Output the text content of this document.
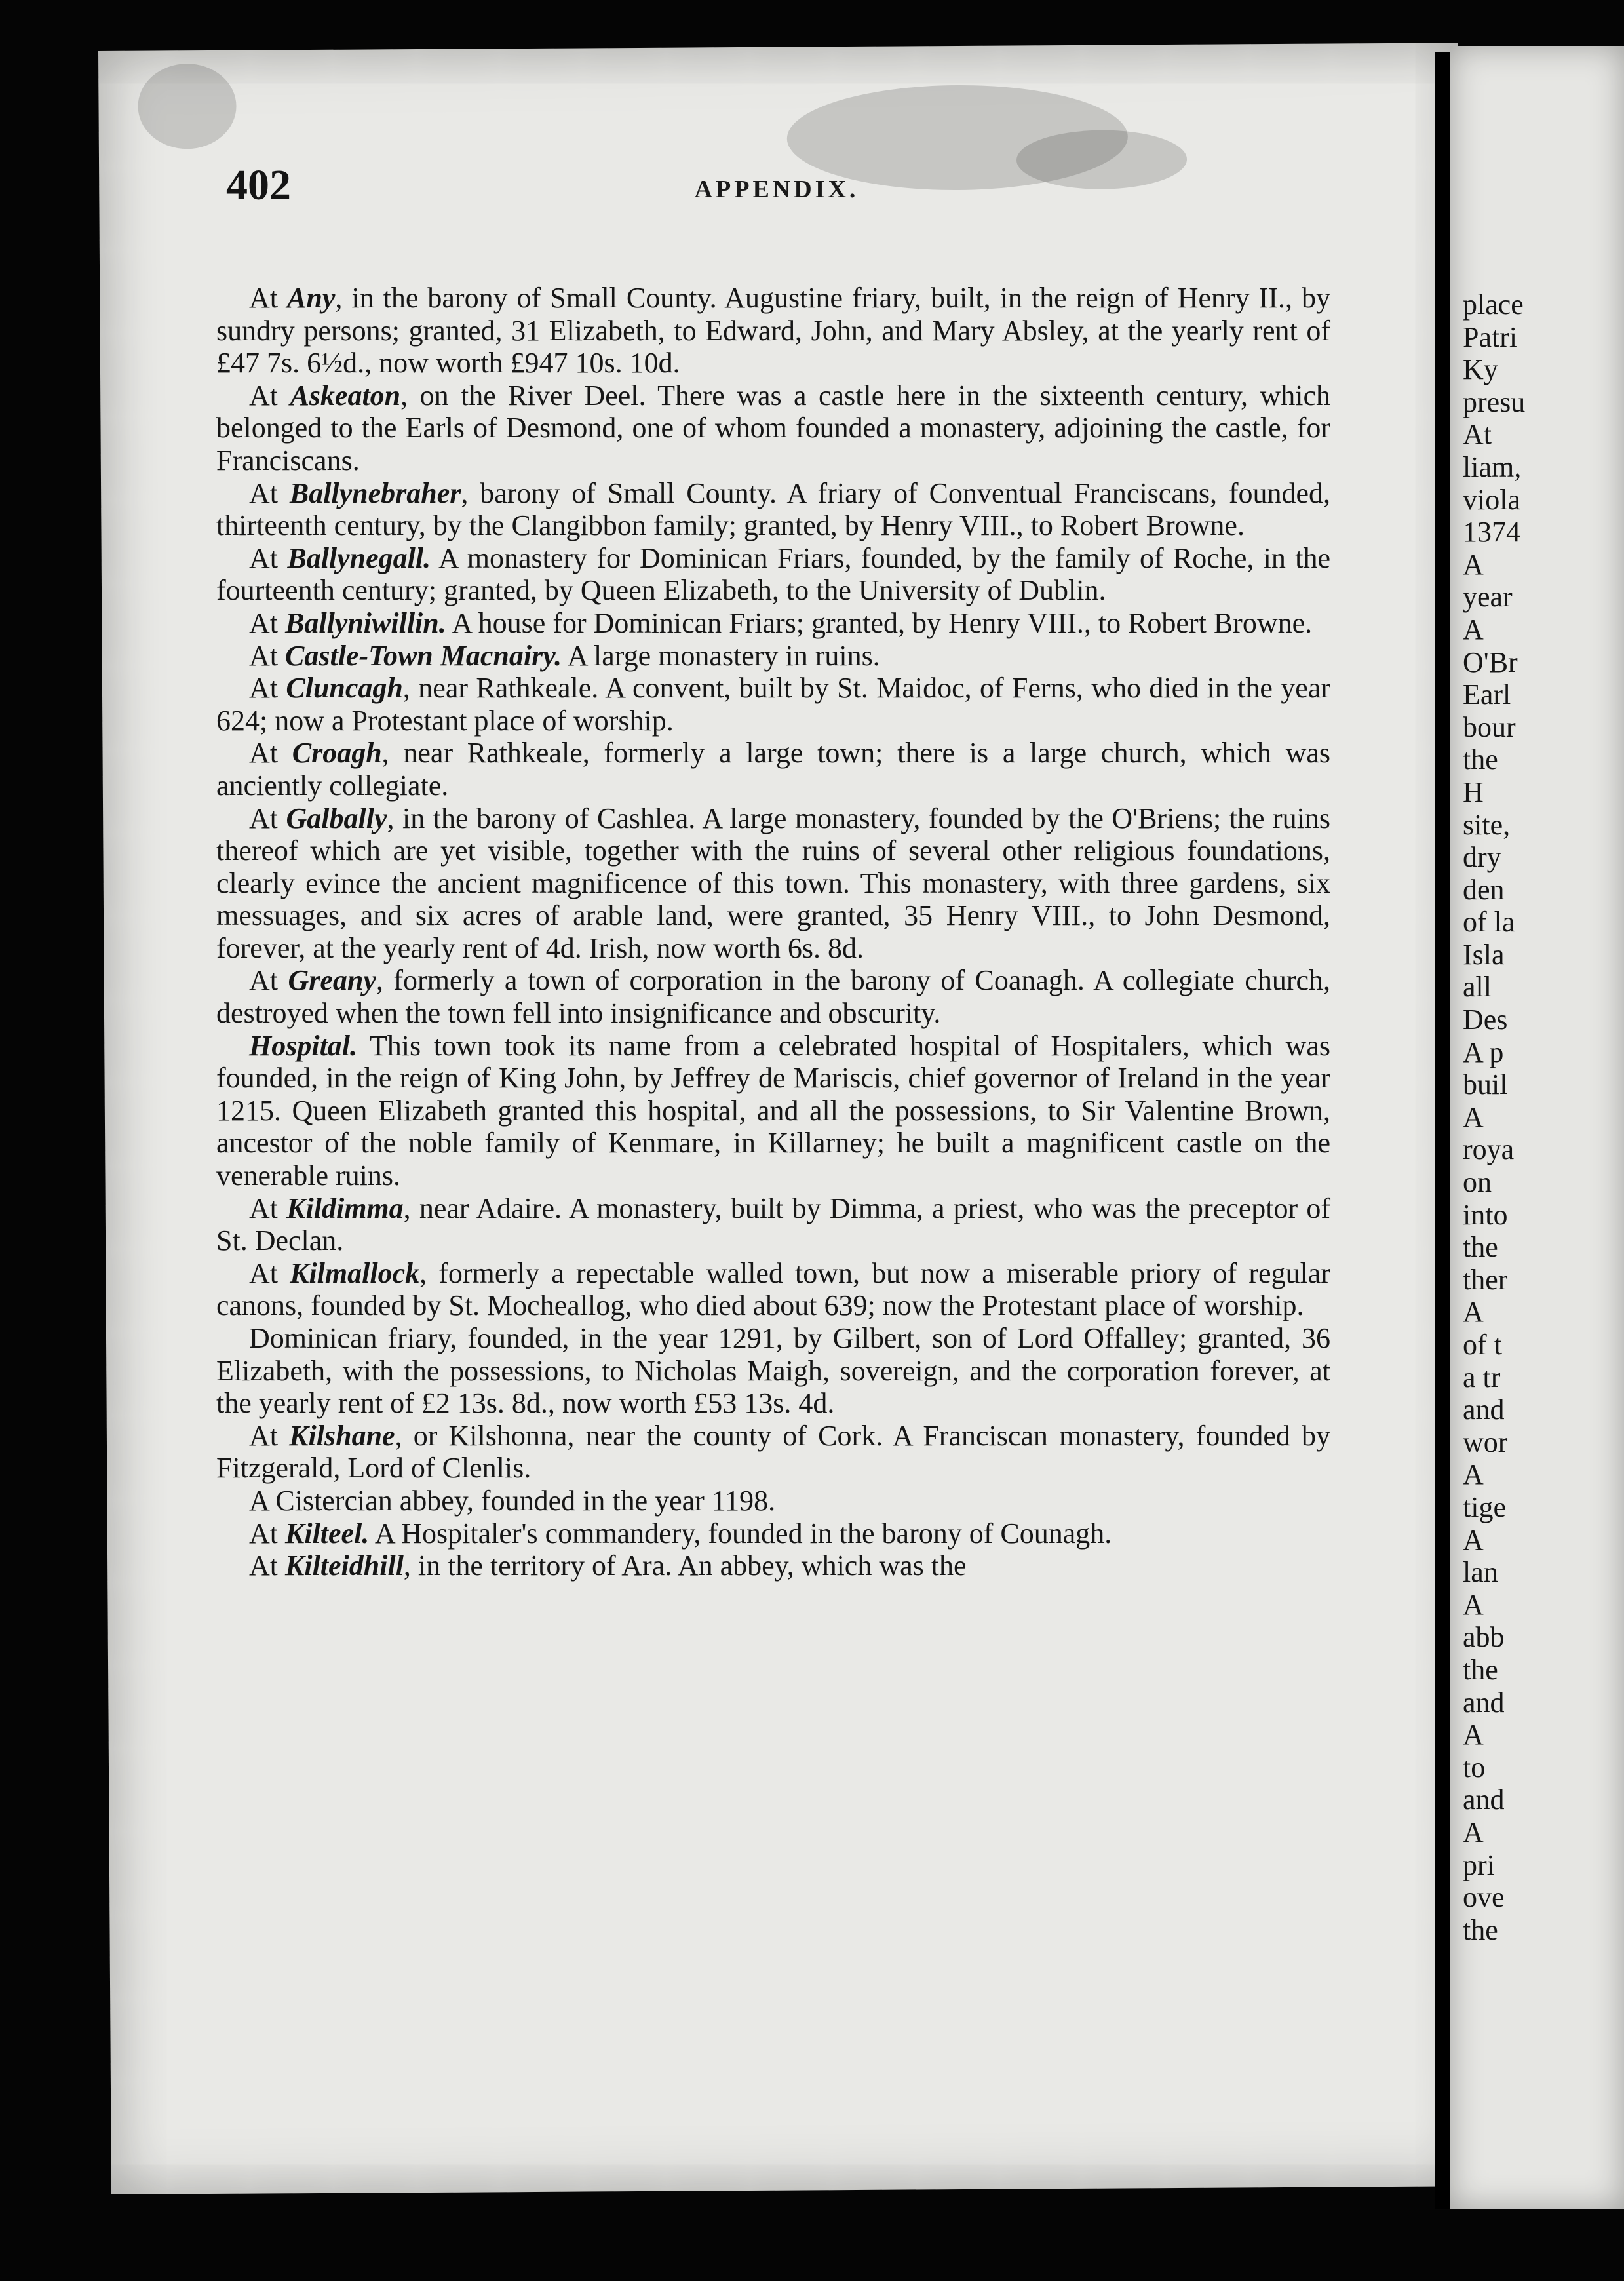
402	APPENDIX.

At Any, in the barony of Small County. Augustine friary, built, in the reign of Henry II., by sundry persons; granted, 31 Elizabeth, to Edward, John, and Mary Absley, at the yearly rent of £47 7s. 6½d., now worth £947 10s. 10d.

At Askeaton, on the River Deel. There was a castle here in the sixteenth century, which belonged to the Earls of Desmond, one of whom founded a monastery, adjoining the castle, for Franciscans.

At Ballynebraher, barony of Small County. A friary of Conventual Franciscans, founded, thirteenth century, by the Clangibbon family; granted, by Henry VIII., to Robert Browne.

At Ballynegall. A monastery for Dominican Friars, founded, by the family of Roche, in the fourteenth century; granted, by Queen Elizabeth, to the University of Dublin.

At Ballyniwillin. A house for Dominican Friars; granted, by Henry VIII., to Robert Browne.

At Castle-Town Macnairy. A large monastery in ruins.

At Cluncagh, near Rathkeale. A convent, built by St. Maidoc, of Ferns, who died in the year 624; now a Protestant place of worship.

At Croagh, near Rathkeale, formerly a large town; there is a large church, which was anciently collegiate.

At Galbally, in the barony of Cashlea. A large monastery, founded by the O'Briens; the ruins thereof which are yet visible, together with the ruins of several other religious foundations, clearly evince the ancient magnificence of this town. This monastery, with three gardens, six messuages, and six acres of arable land, were granted, 35 Henry VIII., to John Desmond, forever, at the yearly rent of 4d. Irish, now worth 6s. 8d.

At Greany, formerly a town of corporation in the barony of Coanagh. A collegiate church, destroyed when the town fell into insignificance and obscurity.

Hospital. This town took its name from a celebrated hospital of Hospitalers, which was founded, in the reign of King John, by Jeffrey de Mariscis, chief governor of Ireland in the year 1215. Queen Elizabeth granted this hospital, and all the possessions, to Sir Valentine Brown, ancestor of the noble family of Kenmare, in Killarney; he built a magnificent castle on the venerable ruins.

At Kildimma, near Adaire. A monastery, built by Dimma, a priest, who was the preceptor of St. Declan.

At Kilmallock, formerly a repectable walled town, but now a miserable priory of regular canons, founded by St. Mocheallog, who died about 639; now the Protestant place of worship.

Dominican friary, founded, in the year 1291, by Gilbert, son of Lord Offalley; granted, 36 Elizabeth, with the possessions, to Nicholas Maigh, sovereign, and the corporation forever, at the yearly rent of £2 13s. 8d., now worth £53 13s. 4d.

At Kilshane, or Kilshonna, near the county of Cork. A Franciscan monastery, founded by Fitzgerald, Lord of Clenlis.

A Cistercian abbey, founded in the year 1198.

At Kilteel. A Hospitaler's commandery, founded in the barony of Counagh.

At Kilteidhill, in the territory of Ara. An abbey, which was the

place
Patri
Ky
presu
At
liam,
viola
1374
A
year
A
O'Br
Earl
bour
the
H
site,
dry
den
of la
Isla
all
Des
A p
buil
A
roya
on
into
the
ther
A
of t
a tr
and
wor
A
tige
A
lan
A
abb
the
and
A
to
and
A
pri
ove
the
